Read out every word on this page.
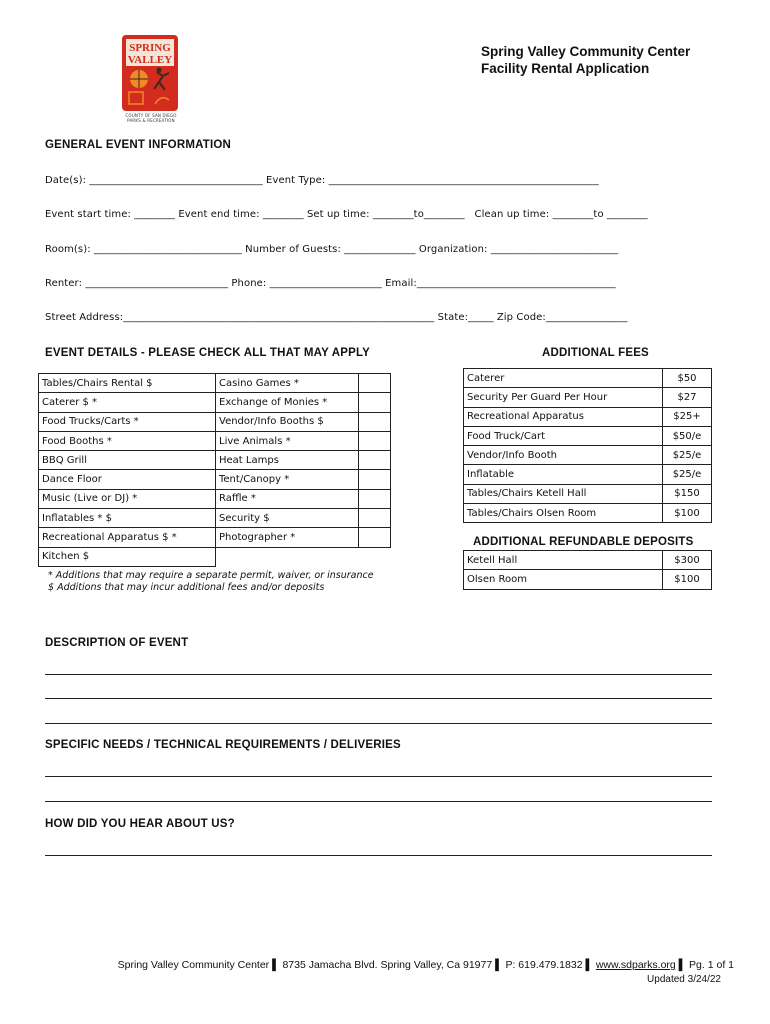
SPRING
VALLEY
COUNTY OF SAN DIEGO PARKS & RECREATION
Spring Valley Community Center
Facility Rental Application
GENERAL EVENT INFORMATION
Date(s): __________________________________ Event Type: _____________________________________________________
Event start time: ________ Event end time: ________ Set up time: ________to________   Clean up time: ________to ________
Room(s): _____________________________ Number of Guests: ______________ Organization: _________________________
Renter: ____________________________ Phone: ______________________ Email:_______________________________________
Street Address:_____________________________________________________________ State:_____ Zip Code:________________
EVENT DETAILS - PLEASE CHECK ALL THAT MAY APPLY
Tables/Chairs Rental $	Casino Games *	
Caterer $ *	Exchange of Monies *	
Food Trucks/Carts *	Vendor/Info Booths $	
Food Booths *	Live Animals *	
BBQ Grill	Heat Lamps	
Dance Floor	Tent/Canopy *	
Music (Live or DJ) *	Raffle *	
Inflatables * $	Security $	
Recreational Apparatus $ *	Photographer *	
Kitchen $		
* Additions that may require a separate permit, waiver, or insurance
$ Additions that may incur additional fees and/or deposits
ADDITIONAL FEES
Caterer	$50
Security Per Guard Per Hour	$27
Recreational Apparatus	$25+
Food Truck/Cart	$50/e
Vendor/Info Booth	$25/e
Inflatable	$25/e
Tables/Chairs Ketell Hall	$150
Tables/Chairs Olsen Room	$100
ADDITIONAL REFUNDABLE DEPOSITS
Ketell Hall	$300
Olsen Room	$100
DESCRIPTION OF EVENT
SPECIFIC NEEDS / TECHNICAL REQUIREMENTS / DELIVERIES
HOW DID YOU HEAR ABOUT US?
Spring Valley Community Center ▌ 8735 Jamacha Blvd. Spring Valley, Ca 91977 ▌ P: 619.479.1832 ▌ www.sdparks.org ▌ Pg. 1 of 1
Updated 3/24/22
